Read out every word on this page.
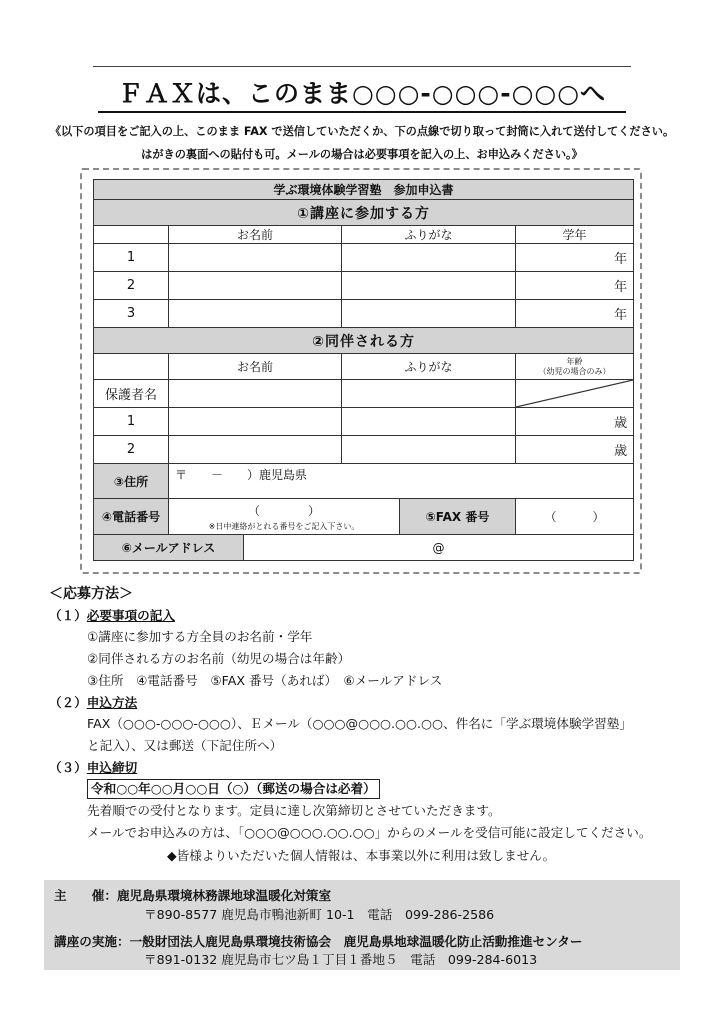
ＦＡＸは、このまま○○○-○○○-○○○へ
《以下の項目をご記入の上、このまま FAX で送信していただくか、下の点線で切り取って封筒に入れて送付してください。
はがきの裏面への貼付も可。メールの場合は必要事項を記入の上、お申込みください。》
学ぶ環境体験学習塾　参加申込書					
①講座に参加する方					
	お名前		ふりがな		学年
1					年
2					年
3					年
②同伴される方					
	お名前		ふりがな		年齢
（幼児の場合のみ）
保護者名			

1					歳
2					歳
③住所	〒　　－　　）鹿児島県				
④電話番号	（　　　　）
※日中連絡がとれる番号をご記入下さい。			⑤FAX 番号	（　　　）
⑥メールアドレス		@			
＜応募方法＞
（１）必要事項の記入
①講座に参加する方全員のお名前・学年
②同伴される方のお名前（幼児の場合は年齢）
③住所　④電話番号　⑤FAX 番号（あれば）　⑥メールアドレス
（２）申込方法
FAX（○○○-○○○-○○○）、Ｅメール（○○○@○○○.○○.○○、件名に「学ぶ環境体験学習塾」
と記入）、又は郵送（下記住所へ）
（３）申込締切
令和○○年○○月○○日（○）（郵送の場合は必着）
先着順での受付となります。定員に達し次第締切とさせていただきます。
メールでお申込みの方は、「○○○@○○○.○○.○○」からのメールを受信可能に設定してください。
◆皆様よりいただいた個人情報は、本事業以外に利用は致しません。
主　　催：鹿児島県環境林務課地球温暖化対策室
〒890-8577 鹿児島市鴨池新町 10-1　電話　099-286-2586
講座の実施：一般財団法人鹿児島県環境技術協会　鹿児島県地球温暖化防止活動推進センター
〒891-0132 鹿児島市七ツ島１丁目１番地５　電話　099-284-6013
